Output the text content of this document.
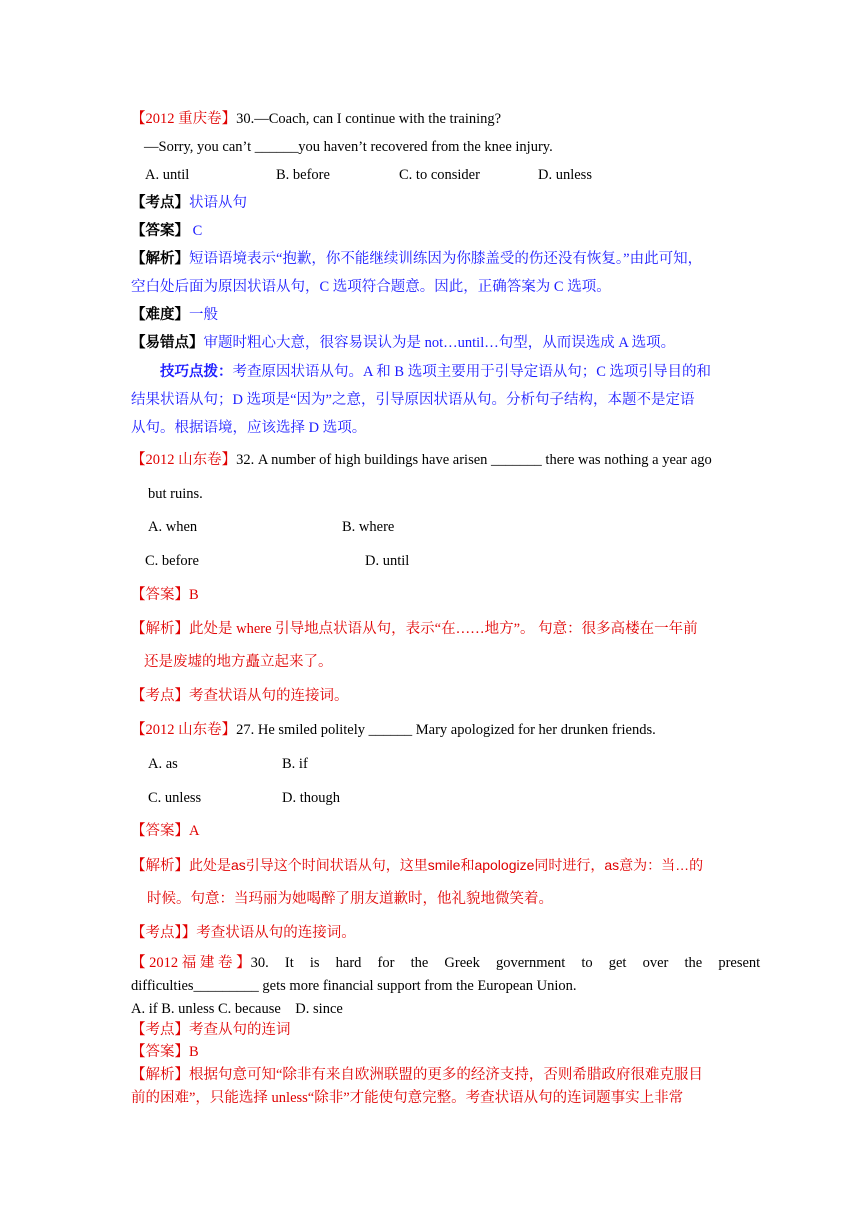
【2012 重庆卷】30.—Coach, can I continue with the training?
—Sorry, you can’t ______you haven’t recovered from the knee injury.
A. until	B. before	C. to consider	D. unless
【考点】状语从句
【答案】 C
【解析】短语语境表示“抱歉，你不能继续训练因为你膝盖受的伤还没有恢复。”由此可知，
空白处后面为原因状语从句，C 选项符合题意。因此，正确答案为 C 选项。
【难度】一般
【易错点】审题时粗心大意，很容易误认为是 not…until…句型，从而误选成 A 选项。
技巧点拨：考查原因状语从句。A 和 B 选项主要用于引导定语从句；C 选项引导目的和
结果状语从句；D 选项是“因为”之意，引导原因状语从句。分析句子结构，本题不是定语
从句。根据语境，应该选择 D 选项。
【2012 山东卷】32. A number of high buildings have arisen _______ there was nothing a year ago
but ruins.
A. when	B. where
C. before	D. until
【答案】B
【解析】此处是 where 引导地点状语从句，表示“在……地方”。 句意：很多高楼在一年前
还是废墟的地方矗立起来了。
【考点】考查状语从句的连接词。
【2012 山东卷】27. He smiled politely ______ Mary apologized for her drunken friends.
A. as	B. if
C. unless	D. though
【答案】A
【解析】此处是as引导这个时间状语从句，这里smile和apologize同时进行，as意为：当…的
时候。句意：当玛丽为她喝醉了朋友道歉时，他礼貌地微笑着。
【考点】】考查状语从句的连接词。
【 2012 福 建 卷 】 30. It is hard for the Greek government to get over the present
difficulties_________ gets more financial support from the European Union.
A. if B. unless C. because    D. since
【考点】考查从句的连词
【答案】B
【解析】根据句意可知“除非有来自欧洲联盟的更多的经济支持，否则希腊政府很难克服目
前的困难”，只能选择 unless“除非”才能使句意完整。考查状语从句的连词题事实上非常
